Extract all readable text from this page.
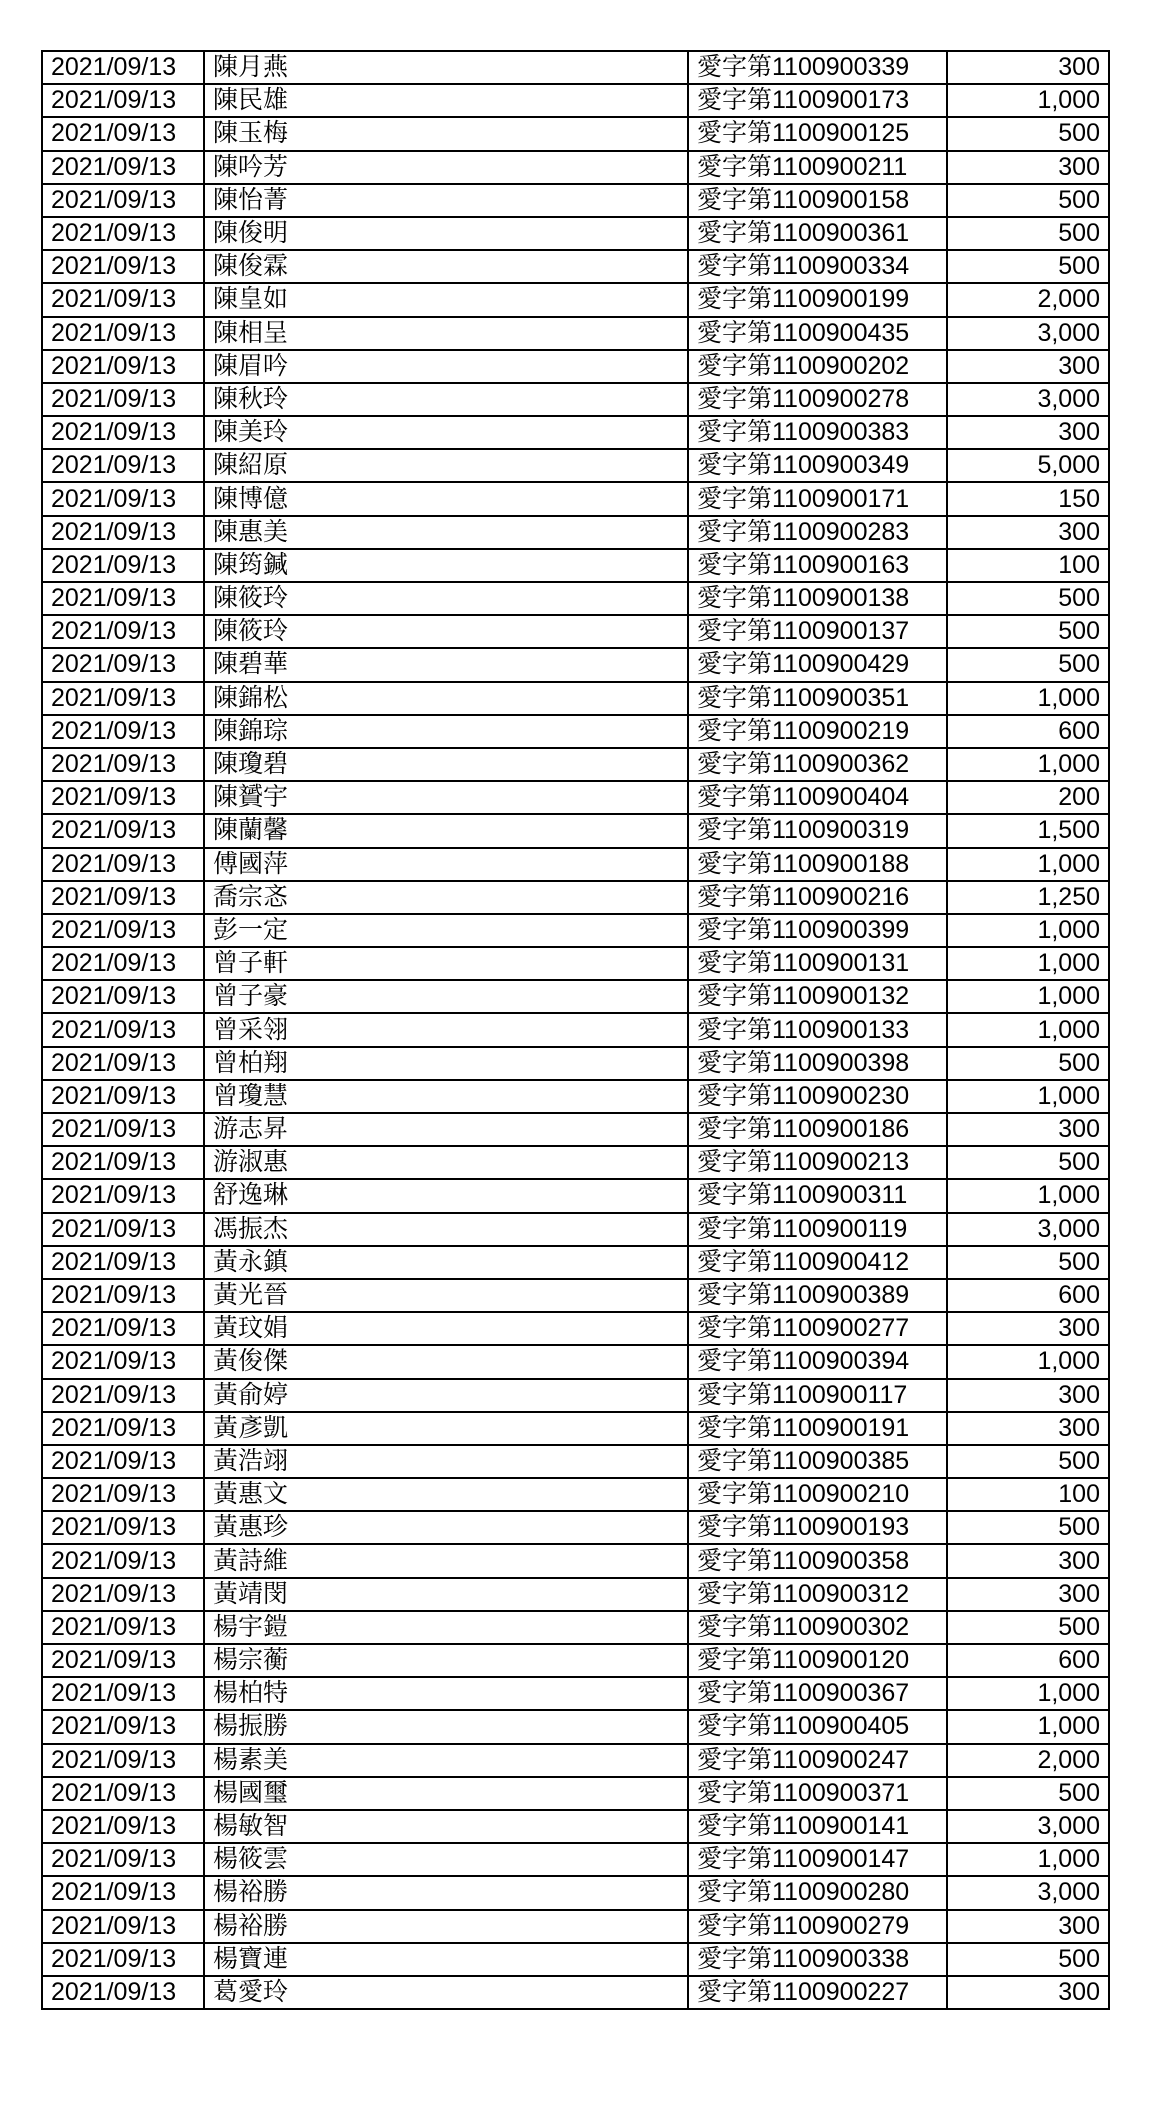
2021/09/13	陳月燕	愛字第1100900339	300
2021/09/13	陳民雄	愛字第1100900173	1,000
2021/09/13	陳玉梅	愛字第1100900125	500
2021/09/13	陳吟芳	愛字第1100900211	300
2021/09/13	陳怡菁	愛字第1100900158	500
2021/09/13	陳俊明	愛字第1100900361	500
2021/09/13	陳俊霖	愛字第1100900334	500
2021/09/13	陳皇如	愛字第1100900199	2,000
2021/09/13	陳相呈	愛字第1100900435	3,000
2021/09/13	陳眉吟	愛字第1100900202	300
2021/09/13	陳秋玲	愛字第1100900278	3,000
2021/09/13	陳美玲	愛字第1100900383	300
2021/09/13	陳紹原	愛字第1100900349	5,000
2021/09/13	陳博億	愛字第1100900171	150
2021/09/13	陳惠美	愛字第1100900283	300
2021/09/13	陳筠鍼	愛字第1100900163	100
2021/09/13	陳筱玲	愛字第1100900138	500
2021/09/13	陳筱玲	愛字第1100900137	500
2021/09/13	陳碧華	愛字第1100900429	500
2021/09/13	陳錦松	愛字第1100900351	1,000
2021/09/13	陳錦琮	愛字第1100900219	600
2021/09/13	陳瓊碧	愛字第1100900362	1,000
2021/09/13	陳贇宇	愛字第1100900404	200
2021/09/13	陳蘭馨	愛字第1100900319	1,500
2021/09/13	傅國萍	愛字第1100900188	1,000
2021/09/13	喬宗忞	愛字第1100900216	1,250
2021/09/13	彭一定	愛字第1100900399	1,000
2021/09/13	曾子軒	愛字第1100900131	1,000
2021/09/13	曾子豪	愛字第1100900132	1,000
2021/09/13	曾采翎	愛字第1100900133	1,000
2021/09/13	曾柏翔	愛字第1100900398	500
2021/09/13	曾瓊慧	愛字第1100900230	1,000
2021/09/13	游志昇	愛字第1100900186	300
2021/09/13	游淑惠	愛字第1100900213	500
2021/09/13	舒逸琳	愛字第1100900311	1,000
2021/09/13	馮振杰	愛字第1100900119	3,000
2021/09/13	黃永鎮	愛字第1100900412	500
2021/09/13	黃光晉	愛字第1100900389	600
2021/09/13	黃玟娟	愛字第1100900277	300
2021/09/13	黃俊傑	愛字第1100900394	1,000
2021/09/13	黃俞婷	愛字第1100900117	300
2021/09/13	黃彥凱	愛字第1100900191	300
2021/09/13	黃浩翊	愛字第1100900385	500
2021/09/13	黃惠文	愛字第1100900210	100
2021/09/13	黃惠珍	愛字第1100900193	500
2021/09/13	黃詩維	愛字第1100900358	300
2021/09/13	黃靖閔	愛字第1100900312	300
2021/09/13	楊宇鎧	愛字第1100900302	500
2021/09/13	楊宗蘅	愛字第1100900120	600
2021/09/13	楊柏特	愛字第1100900367	1,000
2021/09/13	楊振勝	愛字第1100900405	1,000
2021/09/13	楊素美	愛字第1100900247	2,000
2021/09/13	楊國璽	愛字第1100900371	500
2021/09/13	楊敏智	愛字第1100900141	3,000
2021/09/13	楊筱雲	愛字第1100900147	1,000
2021/09/13	楊裕勝	愛字第1100900280	3,000
2021/09/13	楊裕勝	愛字第1100900279	300
2021/09/13	楊寶連	愛字第1100900338	500
2021/09/13	葛愛玲	愛字第1100900227	300
